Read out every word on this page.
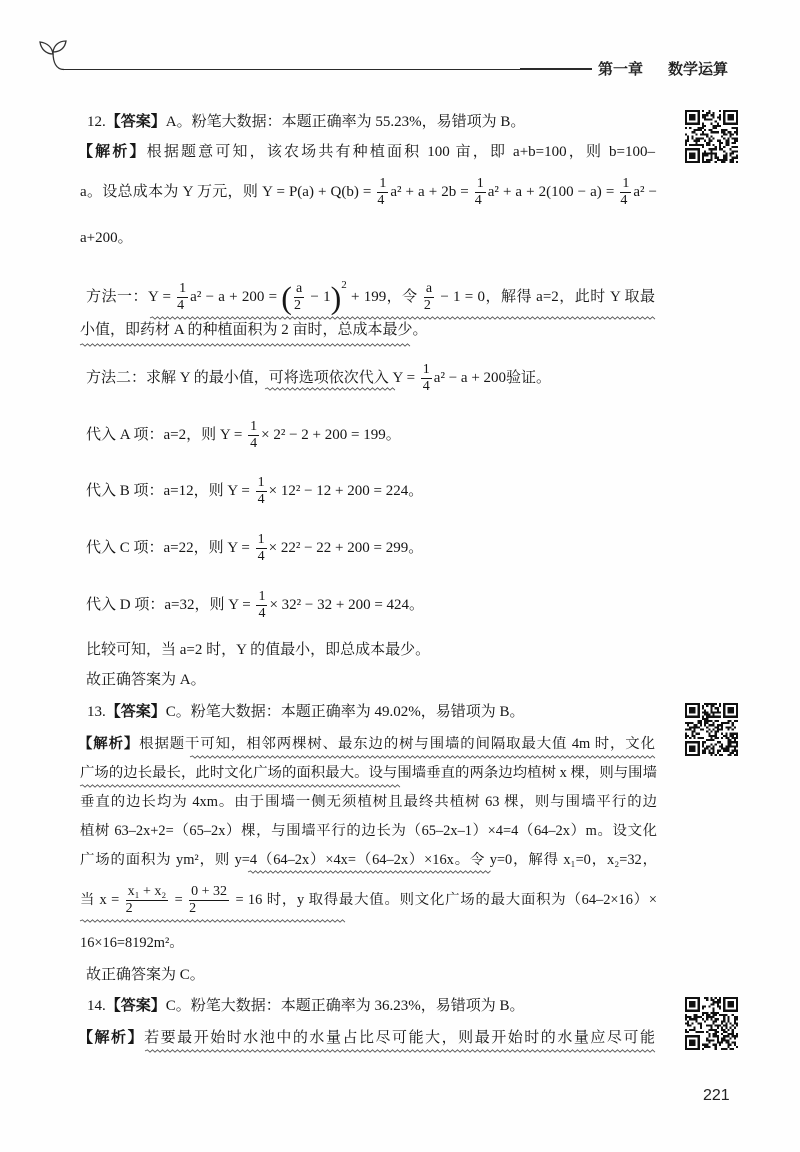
第一章 数学运算
12.【答案】A。粉笔大数据：本题正确率为 55.23%，易错项为 B。
【解析】根据题意可知，该农场共有种植面积 100 亩，即 a+b=100，则 b=100–
a。设总成本为 Y 万元，则 $Y = P(a) + Q(b) = \frac{1}{4} a^2 + a + 2b = \frac{1}{4} a^2 + a + 2(100 - a) = \frac{1}{4} a^2$ −
a+200。
方法一：$Y = \frac{1}{4} a^2 - a + 200$ = ( $\frac{a}{2} - 1)^2 + 199$，令 $\frac{a}{2} - 1 = 0$，解得 a=2，此时 Y 取最
小值，即药材 A 的种植面积为 2 亩时，总成本最少。
方法二：求解 Y 的最小值，可将选项依次代入 $Y = \frac{1}{4} a^2 - a + 200$验证。
代入 A 项：a=2，则 $Y = \frac{1}{4} \times 2^2 - 2 + 200 = 199$。
代入 B 项：a=12，则 $Y = \frac{1}{4} \times 12^2 - 12 + 200 = 224$。
代入 C 项：a=22，则 $Y = \frac{1}{4} \times 22^2 - 22 + 200 = 299$。
代入 D 项：a=32，则 $Y = \frac{1}{4} \times 32^2 - 32 + 200 = 424$。
比较可知，当 a=2 时，Y 的值最小，即总成本最少。
故正确答案为 A。
13.【答案】C。粉笔大数据：本题正确率为 49.02%，易错项为 B。
【解析】根据题干可知，相邻两棵树、最东边的树与围墙的间隔取最大值 4m 时，文化
广场的边长最长，此时文化广场的面积最大。设与围墙垂直的两条边均植树 x 棵，则与围墙
垂直的边长均为 4xm。由于围墙一侧无须植树且最终共植树 63 棵，则与围墙平行的边
植树 63–2x+2=（65–2x）棵，与围墙平行的边长为（65–2x–1）×4=4（64–2x）m。设文化
广场的面积为 ym²，则 y=4（64–2x）×4x=（64–2x）×16x。令 y=0，解得 x₁=0，x₂=32，
当 $x = \frac{\text{x₁ + x₂}}{2} = \frac{0 + 32}{2} = 16$ 时，y 取得最大值。则文化广场的最大面积为（64–2×16）×
16×16=8192m²。
故正确答案为 C。
14.【答案】C。粉笔大数据：本题正确率为 36.23%，易错项为 B。
【解析】若要最开始时水池中的水量占比尽可能大，则最开始时的水量应尽可能
221
